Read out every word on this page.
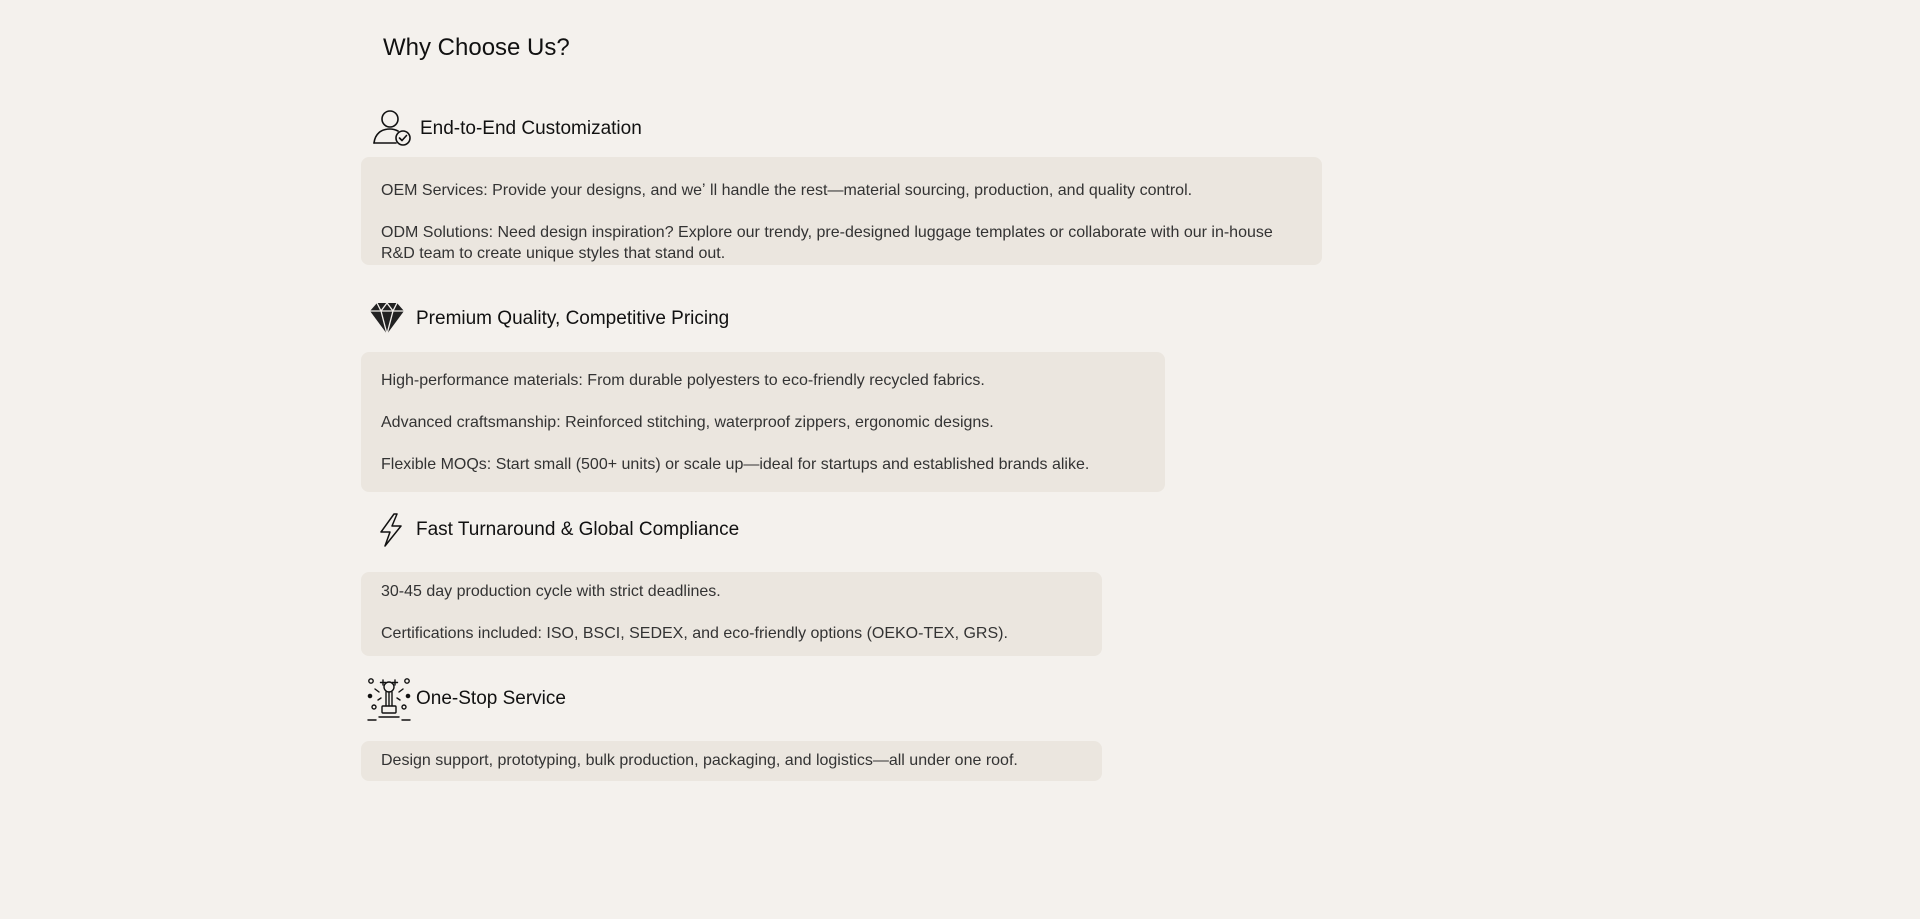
Why Choose Us?
End-to-End Customization

OEM Services: Provide your designs, and weʼ ll handle the rest—material sourcing, production, and quality control.

ODM Solutions: Need design inspiration? Explore our trendy, pre-designed luggage templates or collaborate with our in-house R&D team to create unique styles that stand out.

Premium Quality, Competitive Pricing

High-performance materials: From durable polyesters to eco-friendly recycled fabrics.

Advanced craftsmanship: Reinforced stitching, waterproof zippers, ergonomic designs.

Flexible MOQs: Start small (500+ units) or scale up—ideal for startups and established brands alike.

Fast Turnaround & Global Compliance

30-45 day production cycle with strict deadlines.

Certifications included: ISO, BSCI, SEDEX, and eco-friendly options (OEKO-TEX, GRS).

One-Stop Service

Design support, prototyping, bulk production, packaging, and logistics—all under one roof.
